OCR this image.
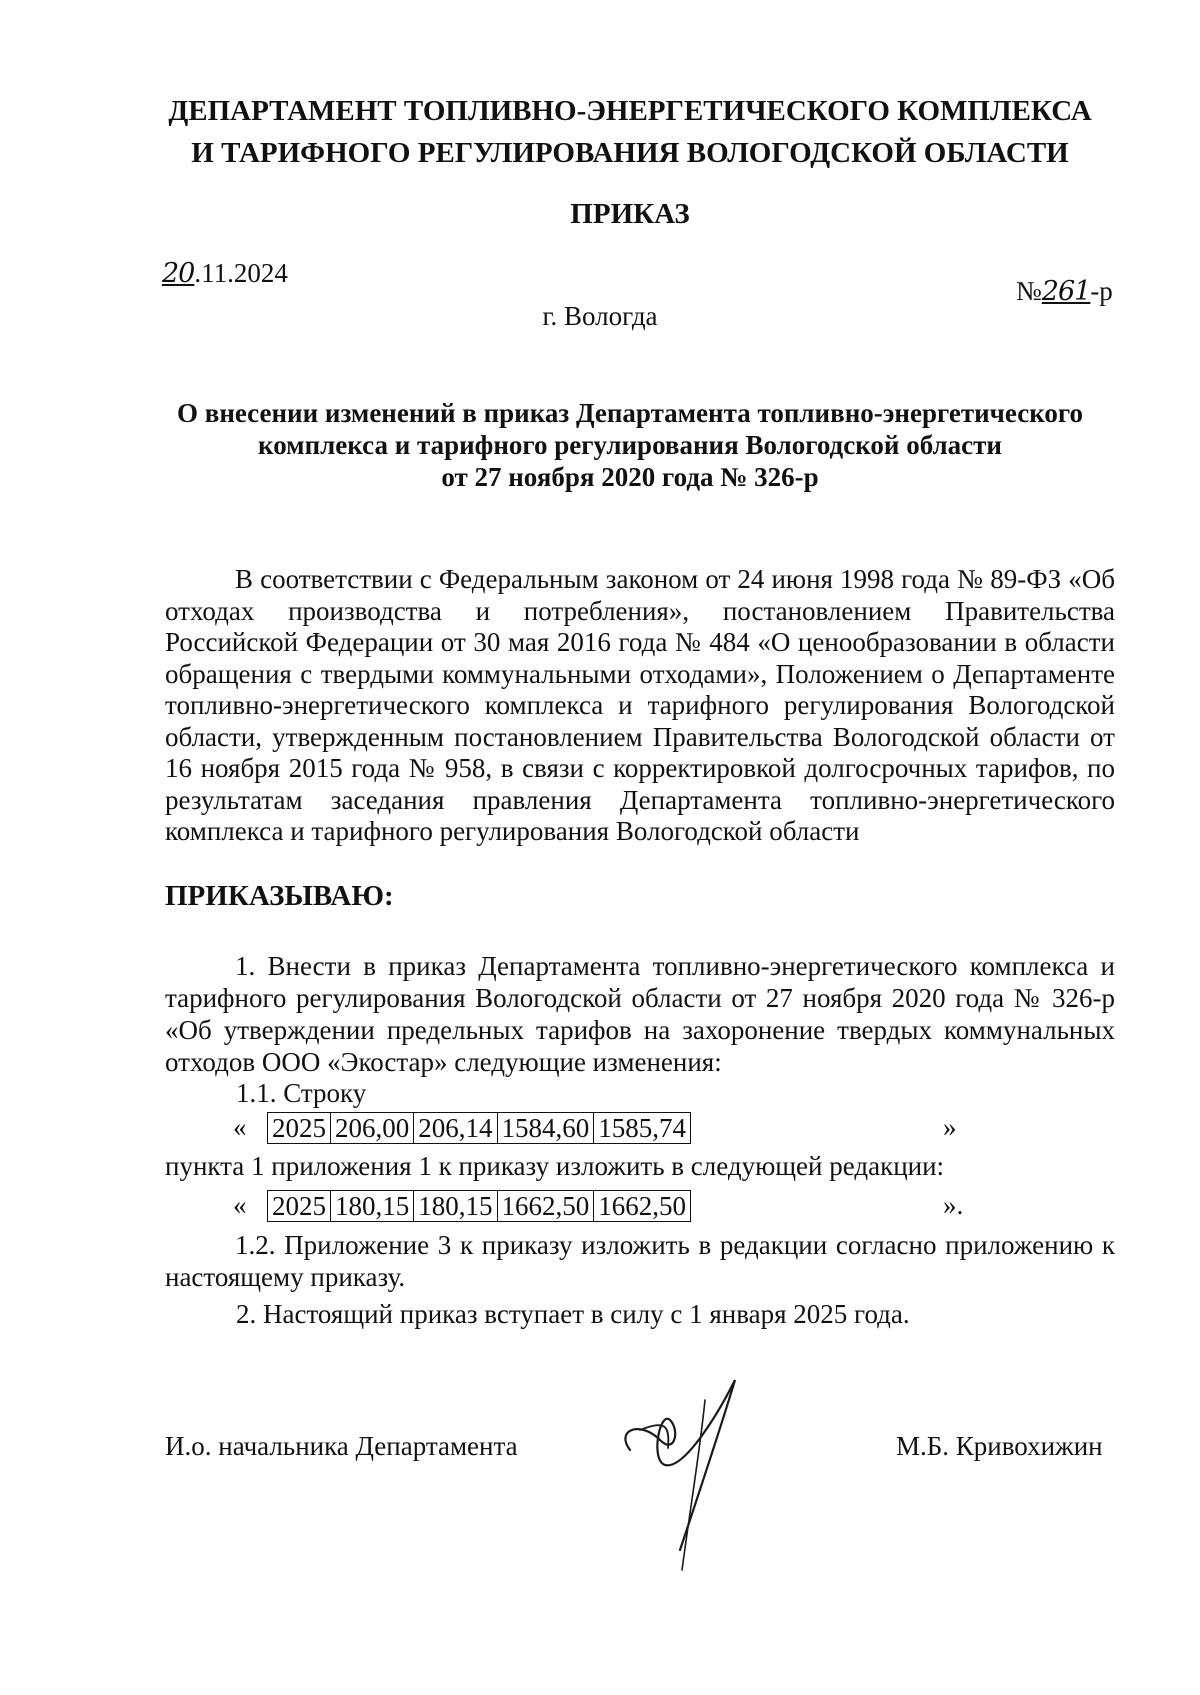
ДЕПАРТАМЕНТ ТОПЛИВНО-ЭНЕРГЕТИЧЕСКОГО КОМПЛЕКСА
И ТАРИФНОГО РЕГУЛИРОВАНИЯ ВОЛОГОДСКОЙ ОБЛАСТИ
ПРИКАЗ
20.11.2024
№261-р
г. Вологда
О внесении изменений в приказ Департамента топливно-энергетического
комплекса и тарифного регулирования Вологодской области
от 27 ноября 2020 года № 326-р

В соответствии с Федеральным законом от 24 июня 1998 года № 89-ФЗ «Об отходах производства и потребления», постановлением Правительства Российской Федерации от 30 мая 2016 года № 484 «О ценообразовании в области обращения с твердыми коммунальными отходами», Положением о Департаменте топливно-энергетического комплекса и тарифного регулирования Вологодской области, утвержденным постановлением Правительства Вологодской области от 16 ноября 2015 года № 958, в связи с корректировкой долгосрочных тарифов, по результатам заседания правления Департамента топливно-энергетического комплекса и тарифного регулирования Вологодской области

ПРИКАЗЫВАЮ:

1. Внести в приказ Департамента топливно-энергетического комплекса и тарифного регулирования Вологодской области от 27 ноября 2020 года № 326-р «Об утверждении предельных тарифов на захоронение твердых коммунальных отходов ООО «Экостар» следующие изменения:

1.1. Строку
« 2025	206,00	206,14	1584,60	1585,74	»
пункта 1 приложения 1 к приказу изложить в следующей редакции:
« 2025	180,15	180,15	1662,50	1662,50	».

1.2. Приложение 3 к приказу изложить в редакции согласно приложению к настоящему приказу.

2. Настоящий приказ вступает в силу с 1 января 2025 года.
И.о. начальника Департамента	М.Б. Кривохижин
